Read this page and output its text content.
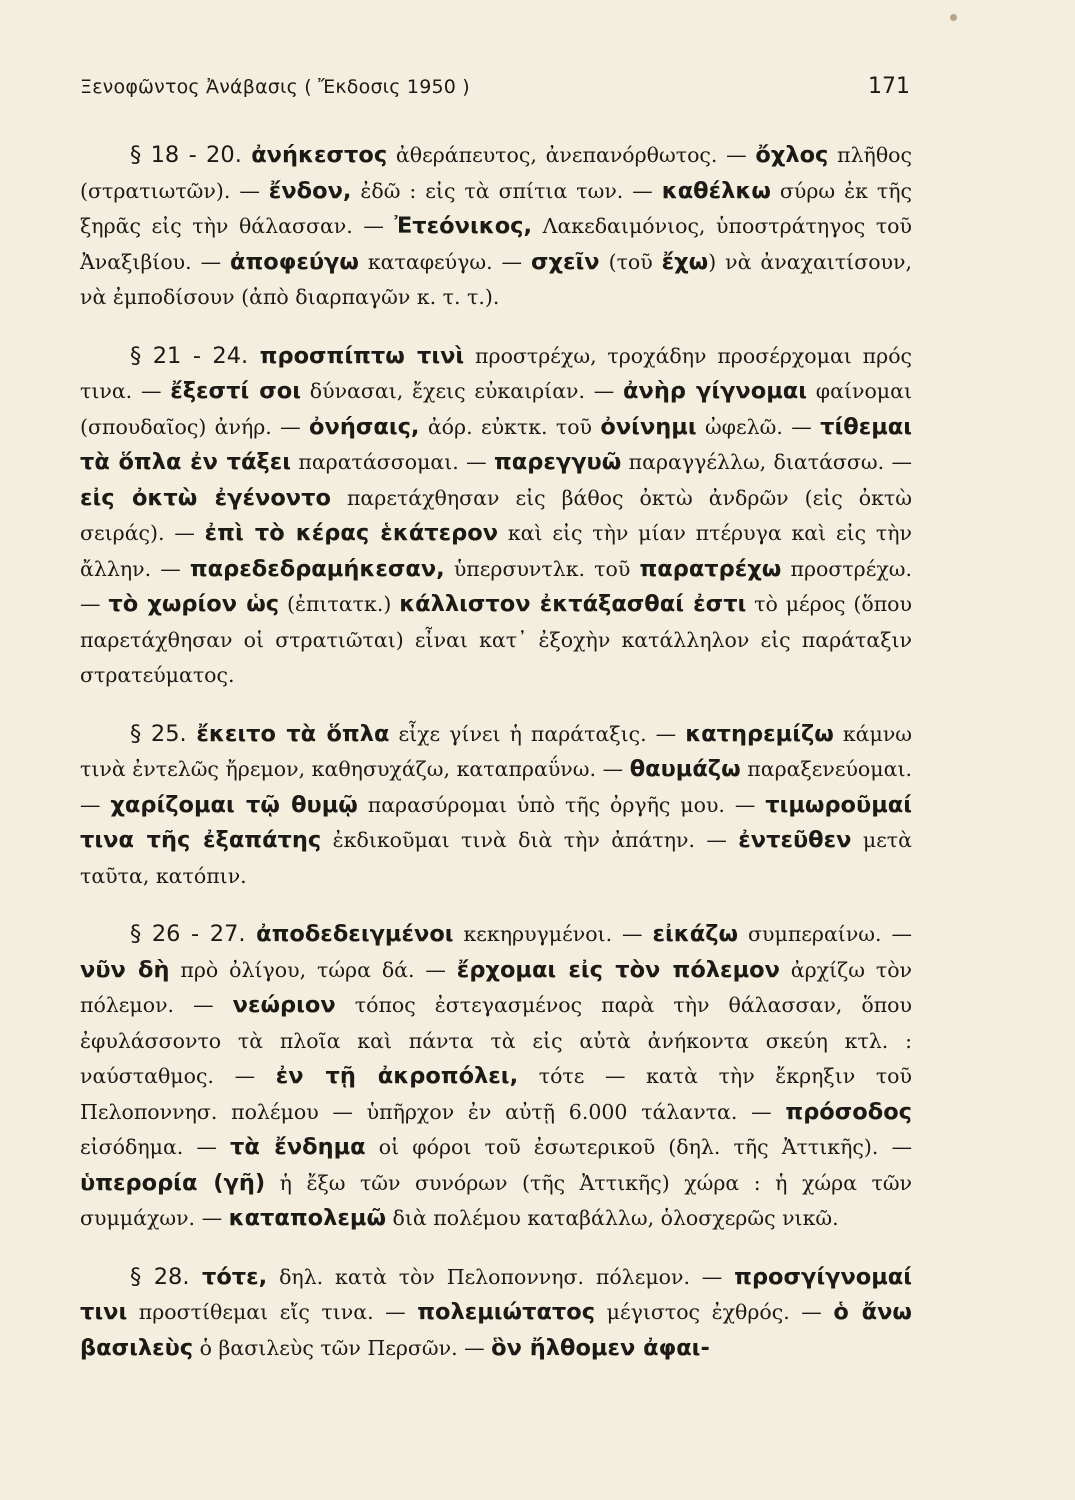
Ξενοφῶντος Ἀνάβασις ( Ἔκδοσις 1950 )	171

§ 18 - 20. ἀνήκεστος ἀθεράπευτος, ἀνεπανόρθωτος. — ὄχλος πλῆθος (στρατιωτῶν). — ἔνδον, ἐδῶ : εἰς τὰ σπίτια των. — καθέλκω σύρω ἐκ τῆς ξηρᾶς εἰς τὴν θάλασσαν. — Ἐτεόνικος, Λακεδαιμόνιος, ὑποστράτηγος τοῦ Ἀναξιβίου. — ἀποφεύγω καταφεύγω. — σχεῖν (τοῦ ἔχω) νὰ ἀναχαιτίσουν, νὰ ἐμποδίσουν (ἀπὸ διαρπαγῶν κ. τ. τ.).

§ 21 - 24. προσπίπτω τινὶ προστρέχω, τροχάδην προσέρχομαι πρός τινα. — ἔξεστί σοι δύνασαι, ἔχεις εὐκαιρίαν. — ἀνὴρ γίγνομαι φαίνομαι (σπουδαῖος) ἀνήρ. — ὀνήσαις, ἀόρ. εὐκτκ. τοῦ ὀνίνημι ὠφελῶ. — τίθεμαι τὰ ὅπλα ἐν τάξει παρατάσσομαι. — παρεγγυῶ παραγγέλλω, διατάσσω. — εἰς ὀκτὼ ἐγένοντο παρετάχθησαν εἰς βάθος ὀκτὼ ἀνδρῶν (εἰς ὀκτὼ σειράς). — ἐπὶ τὸ κέρας ἑκάτερον καὶ εἰς τὴν μίαν πτέρυγα καὶ εἰς τὴν ἄλλην. — παρεδεδραμήκεσαν, ὑπερσυντλκ. τοῦ παρατρέχω προστρέχω. — τὸ χωρίον ὡς (ἐπιτατκ.) κάλλιστον ἐκτάξασθαί ἐστι τὸ μέρος (ὅπου παρετάχθησαν οἱ στρατιῶται) εἶναι κατ᾽ ἐξοχὴν κατάλληλον εἰς παράταξιν στρατεύματος.

§ 25. ἔκειτο τὰ ὅπλα εἶχε γίνει ἡ παράταξις. — κατηρεμίζω κάμνω τινὰ ἐντελῶς ἤρεμον, καθησυχάζω, καταπραΰνω. — θαυμάζω παραξενεύομαι. — χαρίζομαι τῷ θυμῷ παρασύρομαι ὑπὸ τῆς ὀργῆς μου. — τιμωροῦμαί τινα τῆς ἐξαπάτης ἐκδικοῦμαι τινὰ διὰ τὴν ἀπάτην. — ἐντεῦθεν μετὰ ταῦτα, κατόπιν.

§ 26 - 27. ἀποδεδειγμένοι κεκηρυγμένοι. — εἰκάζω συμπεραίνω. — νῦν δὴ πρὸ ὀλίγου, τώρα δά. — ἔρχομαι εἰς τὸν πόλεμον ἀρχίζω τὸν πόλεμον. — νεώριον τόπος ἐστεγασμένος παρὰ τὴν θάλασσαν, ὅπου ἐφυλάσσοντο τὰ πλοῖα καὶ πάντα τὰ εἰς αὐτὰ ἀνήκοντα σκεύη κτλ. : ναύσταθμος. — ἐν τῇ ἀκροπόλει, τότε — κατὰ τὴν ἔκρηξιν τοῦ Πελοποννησ. πολέμου — ὑπῆρχον ἐν αὐτῇ 6.000 τάλαντα. — πρόσοδος εἰσόδημα. — τὰ ἔνδημα οἱ φόροι τοῦ ἐσωτερικοῦ (δηλ. τῆς Ἀττικῆς). — ὑπερορία (γῆ) ἡ ἔξω τῶν συνόρων (τῆς Ἀττικῆς) χώρα : ἡ χώρα τῶν συμμάχων. — καταπολεμῶ διὰ πολέμου καταβάλλω, ὁλοσχερῶς νικῶ.

§ 28. τότε, δηλ. κατὰ τὸν Πελοποννησ. πόλεμον. — προσγίγνομαί τινι προστίθεμαι εἴς τινα. — πολεμιώτατος μέγιστος ἐχθρός. — ὁ ἄνω βασιλεὺς ὁ βασιλεὺς τῶν Περσῶν. — ὃν ἤλθομεν ἀφαι-
